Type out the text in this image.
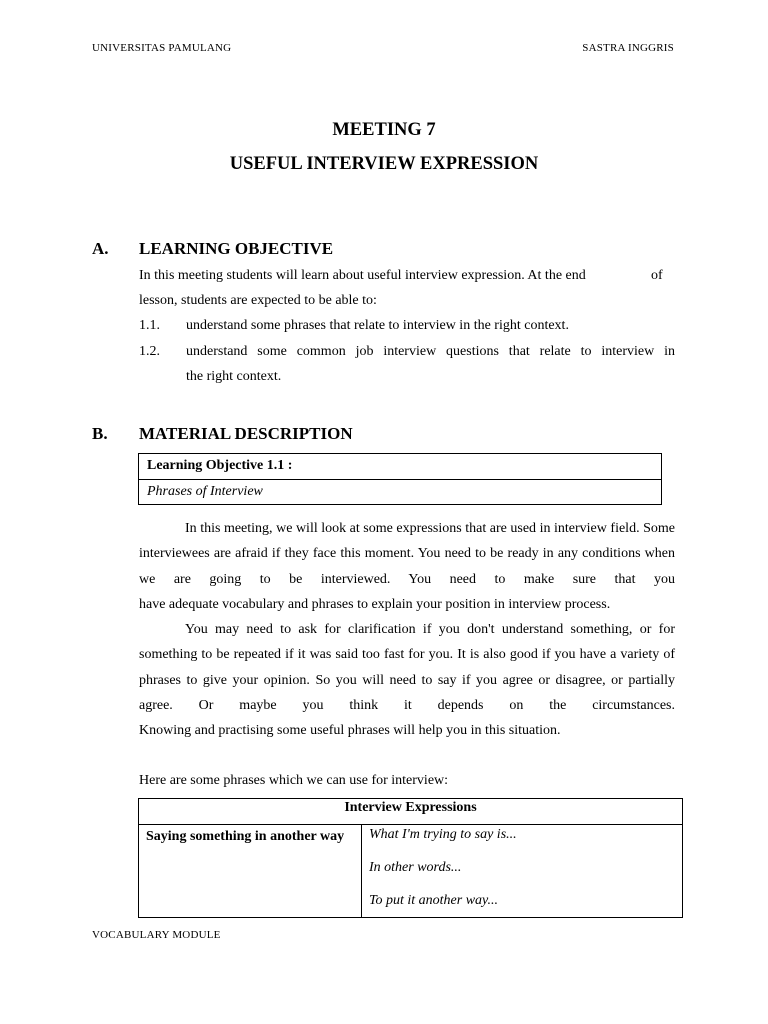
UNIVERSITAS PAMULANG	SASTRA INGGRIS
MEETING 7
USEFUL INTERVIEW EXPRESSION
A. LEARNING OBJECTIVE
In this meeting students will learn about useful interview expression. At the end	of
lesson, students are expected to be able to:
1.1. understand some phrases that relate to interview in the right context.
1.2. understand some common job interview questions that relate to interview in
the right context.
B. MATERIAL DESCRIPTION
Learning Objective 1.1 :
Phrases of Interview
In this meeting, we will look at some expressions that are used in interview field. Some interviewees are afraid if they face this moment. You need to be ready in any conditions when we are going to be interviewed. You need to make sure that you
have adequate vocabulary and phrases to explain your position in interview process.
You may need to ask for clarification if you don't understand something, or for something to be repeated if it was said too fast for you. It is also good if you have a variety of phrases to give your opinion. So you will need to say if you agree or disagree, or partially agree. Or maybe you think it depends on the circumstances.
Knowing and practising some useful phrases will help you in this situation.
Here are some phrases which we can use for interview:
Interview Expressions
Saying something in another way	What I'm trying to say is...
In other words...
To put it another way...
VOCABULARY MODULE
